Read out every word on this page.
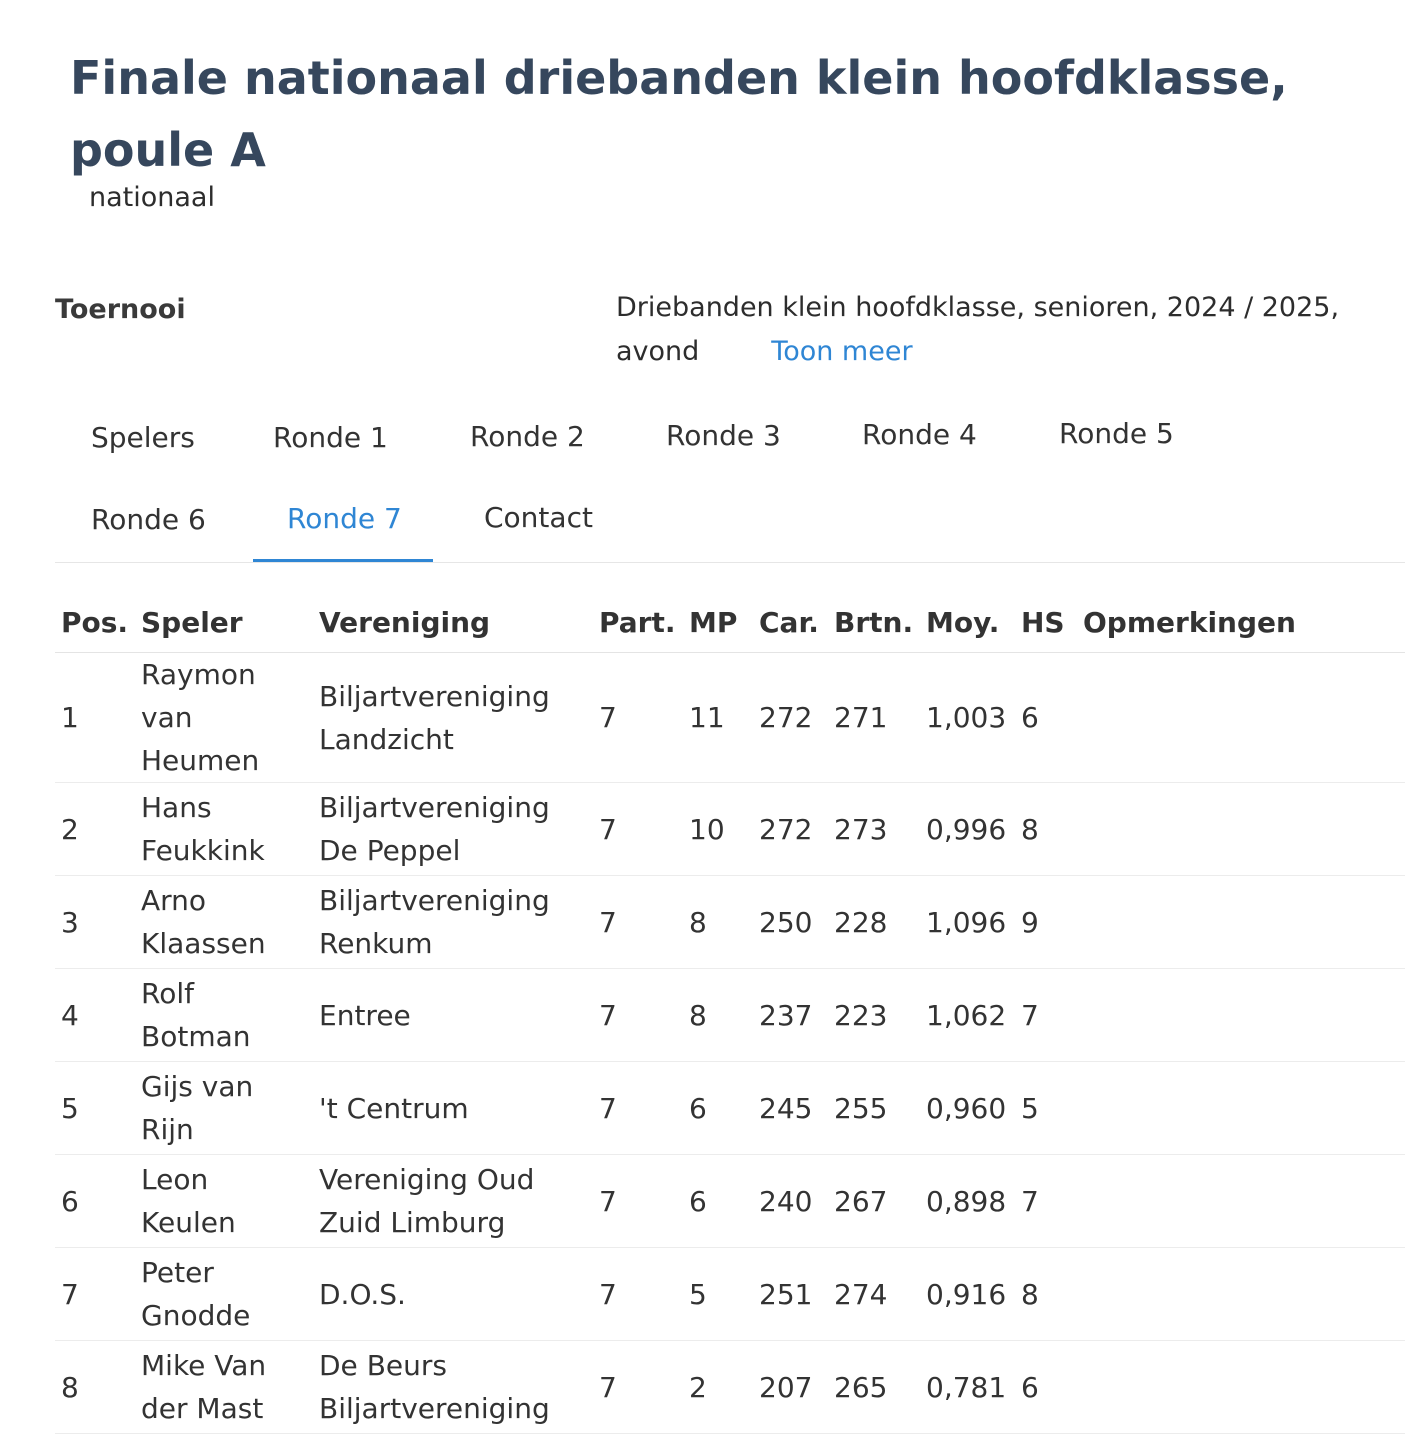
Finale nationaal driebanden klein hoofdklasse, poule A
nationaal
Toernooi	Driebanden klein hoofdklasse, senioren, 2024 / 2025, avond	Toon meer
Spelers	Ronde 1	Ronde 2	Ronde 3	Ronde 4	Ronde 5
Ronde 6	Ronde 7	Contact
Pos.	Speler	Vereniging	Part.	MP	Car.	Brtn.	Moy.	HS	Opmerkingen
1	Raymon van Heumen	Biljartvereniging Landzicht	7	11	272	271	1,003	6	
2	Hans Feukkink	Biljartvereniging De Peppel	7	10	272	273	0,996	8	
3	Arno Klaassen	Biljartvereniging Renkum	7	8	250	228	1,096	9	
4	Rolf Botman	Entree	7	8	237	223	1,062	7	
5	Gijs van Rijn	't Centrum	7	6	245	255	0,960	5	
6	Leon Keulen	Vereniging Oud Zuid Limburg	7	6	240	267	0,898	7	
7	Peter Gnodde	D.O.S.	7	5	251	274	0,916	8	
8	Mike Van der Mast	De Beurs Biljartvereniging	7	2	207	265	0,781	6	
